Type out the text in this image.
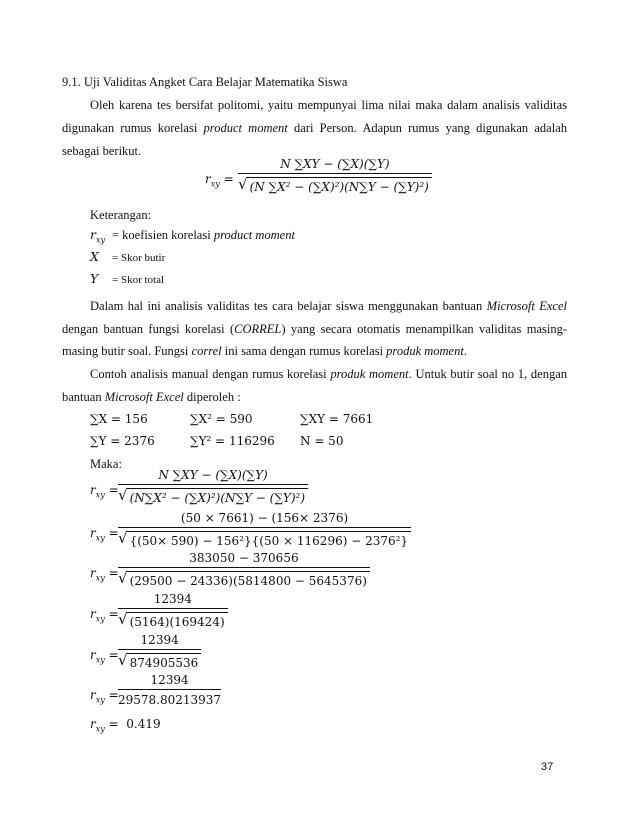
9.1. Uji Validitas Angket Cara Belajar Matematika Siswa
Oleh karena tes bersifat politomi, yaitu mempunyai lima nilai maka dalam analisis validitas
digunakan rumus korelasi product moment dari Person. Adapun rumus yang digunakan adalah
sebagai berikut.
$r_{xy}$ =
N ∑XY − (∑X)(∑Y)
√ (N ∑X² − (∑X)²)(N∑Y − (∑Y)²)
Keterangan:
$r_{xy}$ = koefisien korelasi product moment
X = Skor butir
Y = Skor total
Dalam hal ini analisis validitas tes cara belajar siswa menggunakan bantuan Microsoft Excel
dengan bantuan fungsi korelasi (CORREL) yang secara otomatis menampilkan validitas masing-
masing butir soal. Fungsi correl ini sama dengan rumus korelasi produk moment.
Contoh analisis manual dengan rumus korelasi produk moment. Untuk butir soal no 1, dengan
bantuan Microsoft Excel diperoleh :
∑X = 156	∑X² = 590	∑XY = 7661
∑Y = 2376	∑Y² = 116296 N = 50
Maka:
$r_{xy}$ =
N ∑XY − (∑X)(∑Y)
√ (N∑X² − (∑X)²)(N∑Y − (∑Y)²)
$r_{xy}$ =
(50 × 7661) − (156× 2376)
√ {(50× 590) − 156²}{(50 × 116296) − 2376²}
$r_{xy}$ =
383050 − 370656
√ (29500 − 24336)(5814800 − 5645376)
$r_{xy}$ =
12394
√ (5164)(169424)
$r_{xy}$ =
12394
√ 874905536
$r_{xy}$ =
12394
29578.80213937
$r_{xy} = 0.419$
37
